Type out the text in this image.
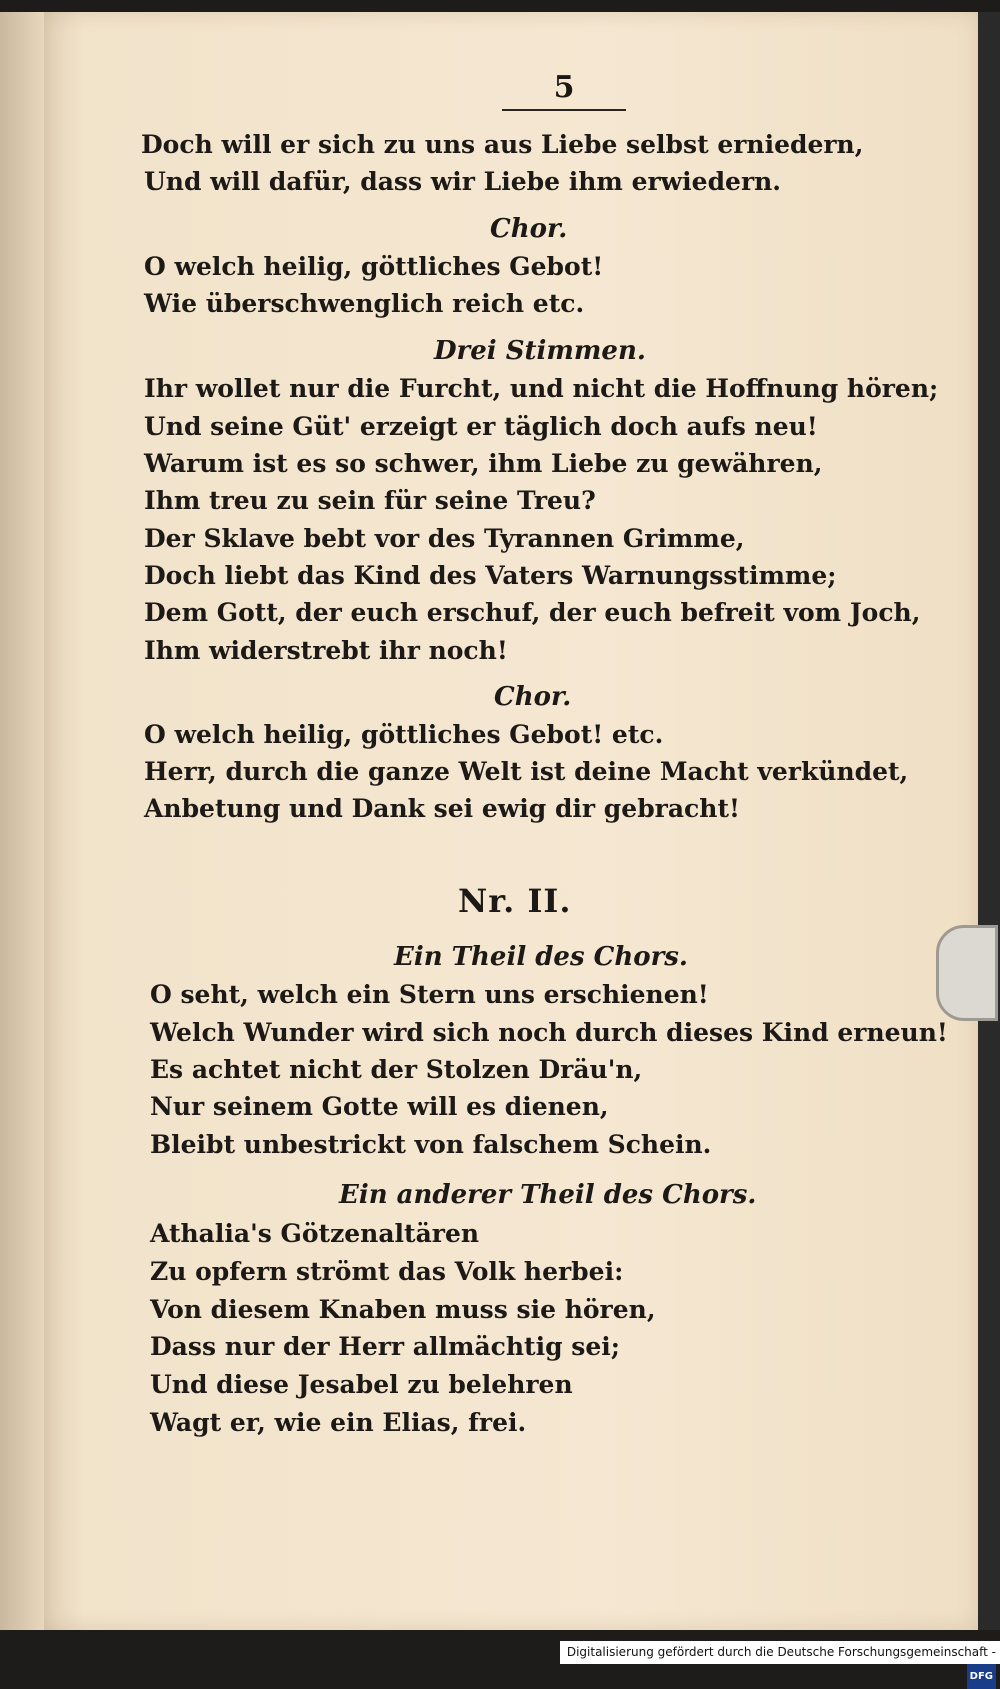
5
Doch will er sich zu uns aus Liebe selbst erniedern,
Und will dafür, dass wir Liebe ihm erwiedern.
Chor.
O welch heilig, göttliches Gebot!
Wie überschwenglich reich etc.
Drei Stimmen.
Ihr wollet nur die Furcht, und nicht die Hoffnung hören;
Und seine Güt' erzeigt er täglich doch aufs neu!
Warum ist es so schwer, ihm Liebe zu gewähren,
Ihm treu zu sein für seine Treu?
Der Sklave bebt vor des Tyrannen Grimme,
Doch liebt das Kind des Vaters Warnungsstimme;
Dem Gott, der euch erschuf, der euch befreit vom Joch,
Ihm widerstrebt ihr noch!
Chor.
O welch heilig, göttliches Gebot! etc.
Herr, durch die ganze Welt ist deine Macht verkündet,
Anbetung und Dank sei ewig dir gebracht!
Nr. II.
Ein Theil des Chors.
O seht, welch ein Stern uns erschienen!
Welch Wunder wird sich noch durch dieses Kind erneun!
Es achtet nicht der Stolzen Dräu'n,
Nur seinem Gotte will es dienen,
Bleibt unbestrickt von falschem Schein.
Ein anderer Theil des Chors.
Athalia's Götzenaltären
Zu opfern strömt das Volk herbei:
Von diesem Knaben muss sie hören,
Dass nur der Herr allmächtig sei;
Und diese Jesabel zu belehren
Wagt er, wie ein Elias, frei.
Digitalisierung gefördert durch die Deutsche Forschungsgemeinschaft -DFG
